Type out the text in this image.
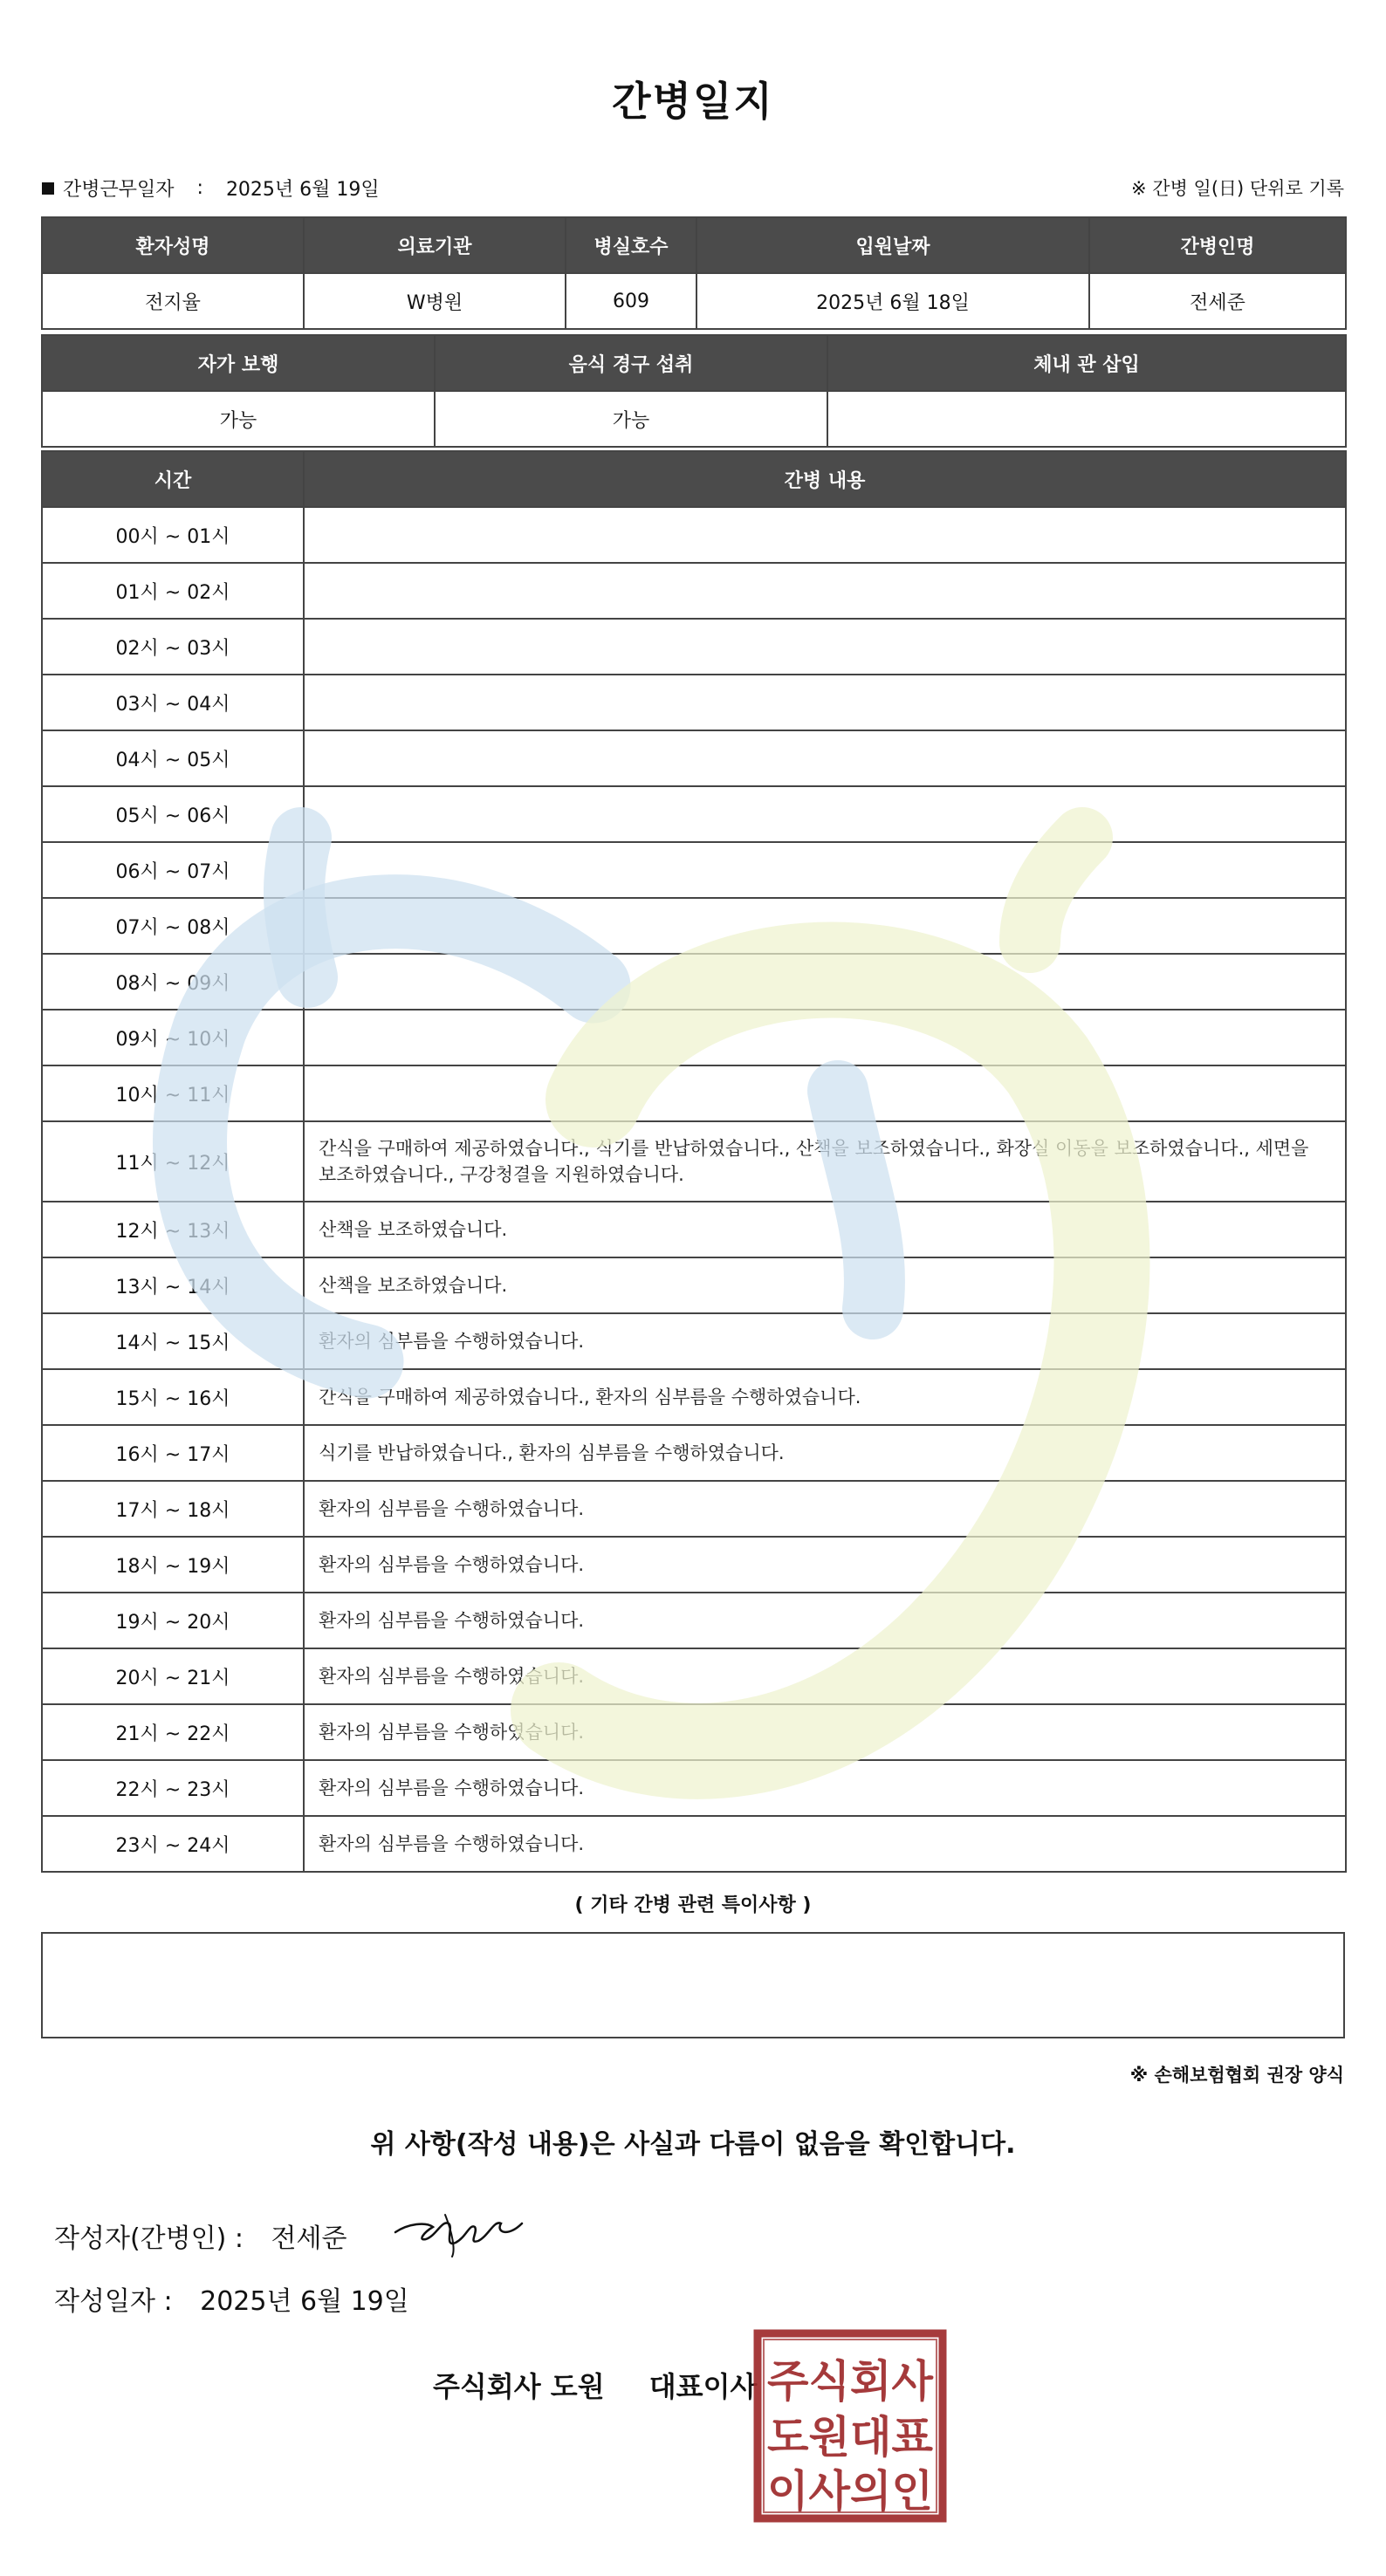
간병일지
간병근무일자 : 2025년 6월 19일	※ 간병 일(日) 단위로 기록
환자성명	의료기관	병실호수	입원날짜	간병인명
전지율	W병원	609	2025년 6월 18일	전세준
자가 보행	음식 경구 섭취	체내 관 삽입
가능	가능	
시간	간병 내용
00시 ~ 01시	
01시 ~ 02시	
02시 ~ 03시	
03시 ~ 04시	
04시 ~ 05시	
05시 ~ 06시	
06시 ~ 07시	
07시 ~ 08시	
08시 ~ 09시	
09시 ~ 10시	
10시 ~ 11시	
11시 ~ 12시	간식을 구매하여 제공하였습니다., 식기를 반납하였습니다., 산책을 보조하였습니다., 화장실 이동을 보조하였습니다., 세면을 보조하였습니다., 구강청결을 지원하였습니다.
12시 ~ 13시	산책을 보조하였습니다.
13시 ~ 14시	산책을 보조하였습니다.
14시 ~ 15시	환자의 심부름을 수행하였습니다.
15시 ~ 16시	간식을 구매하여 제공하였습니다., 환자의 심부름을 수행하였습니다.
16시 ~ 17시	식기를 반납하였습니다., 환자의 심부름을 수행하였습니다.
17시 ~ 18시	환자의 심부름을 수행하였습니다.
18시 ~ 19시	환자의 심부름을 수행하였습니다.
19시 ~ 20시	환자의 심부름을 수행하였습니다.
20시 ~ 21시	환자의 심부름을 수행하였습니다.
21시 ~ 22시	환자의 심부름을 수행하였습니다.
22시 ~ 23시	환자의 심부름을 수행하였습니다.
23시 ~ 24시	환자의 심부름을 수행하였습니다.
( 기타 간병 관련 특이사항 )
※ 손해보험협회 권장 양식
위 사항(작성 내용)은 사실과 다름이 없음을 확인합니다.
작성자(간병인) : 전세준
작성일자 : 2025년 6월 19일
주식회사 도원 대표이사 주식회사
도원대표
이사의인
